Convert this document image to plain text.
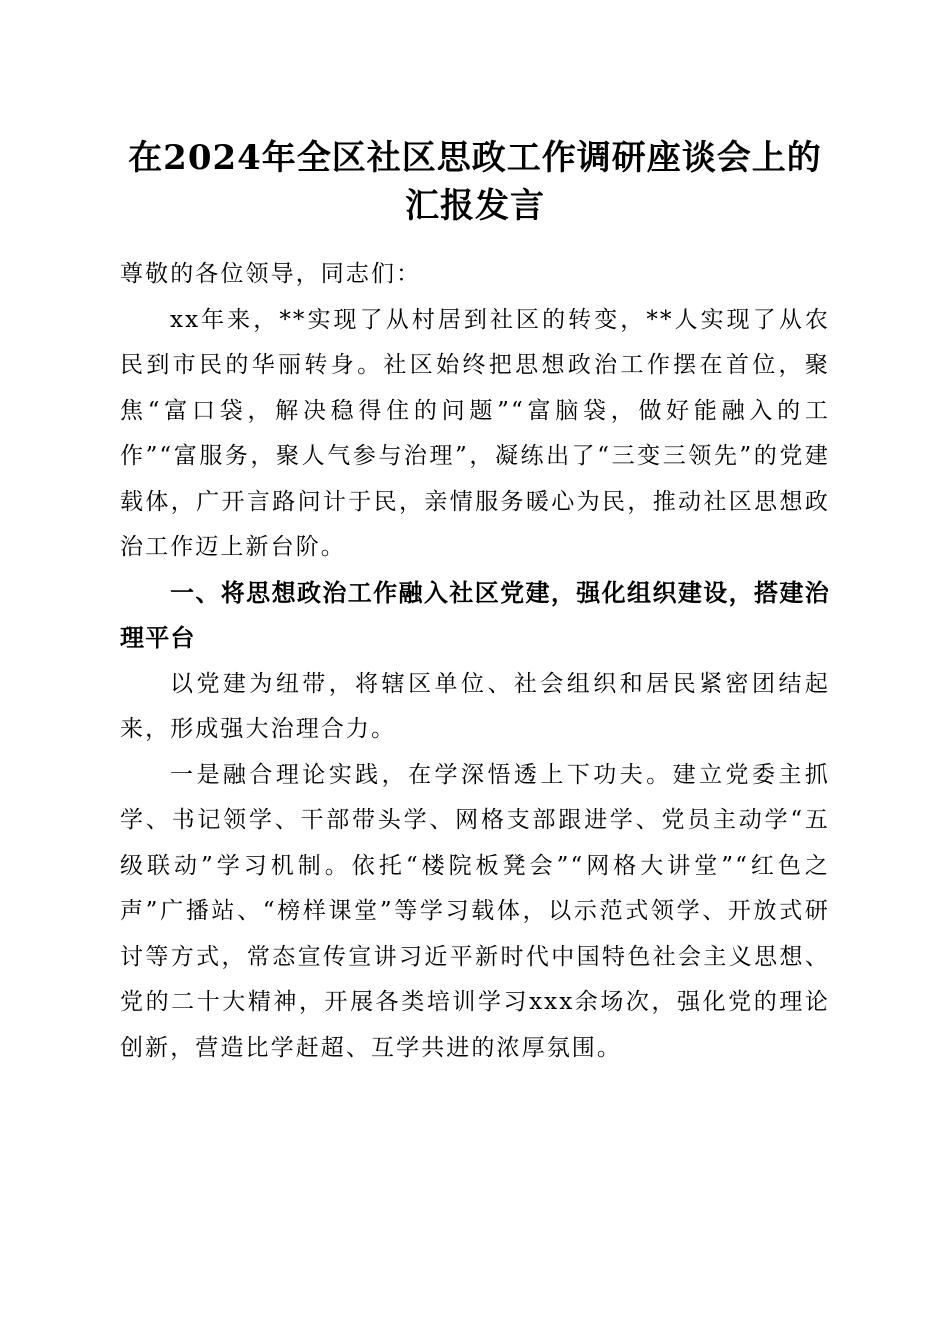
在2024年全区社区思政工作调研座谈会上的
汇报发言

尊敬的各位领导，同志们：

xx年来，**实现了从村居到社区的转变，**人实现了从农民到市民的华丽转身。社区始终把思想政治工作摆在首位，聚焦“富口袋，解决稳得住的问题”“富脑袋，做好能融入的工作”“富服务，聚人气参与治理”，凝练出了“三变三领先”的党建载体，广开言路问计于民，亲情服务暖心为民，推动社区思想政治工作迈上新台阶。

一、将思想政治工作融入社区党建，强化组织建设，搭建治理平台

以党建为纽带，将辖区单位、社会组织和居民紧密团结起来，形成强大治理合力。

一是融合理论实践，在学深悟透上下功夫。建立党委主抓学、书记领学、干部带头学、网格支部跟进学、党员主动学“五级联动”学习机制。依托“楼院板凳会”“网格大讲堂”“红色之声”广播站、“榜样课堂”等学习载体，以示范式领学、开放式研讨等方式，常态宣传宣讲习近平新时代中国特色社会主义思想、党的二十大精神，开展各类培训学习xxx余场次，强化党的理论创新，营造比学赶超、互学共进的浓厚氛围。
